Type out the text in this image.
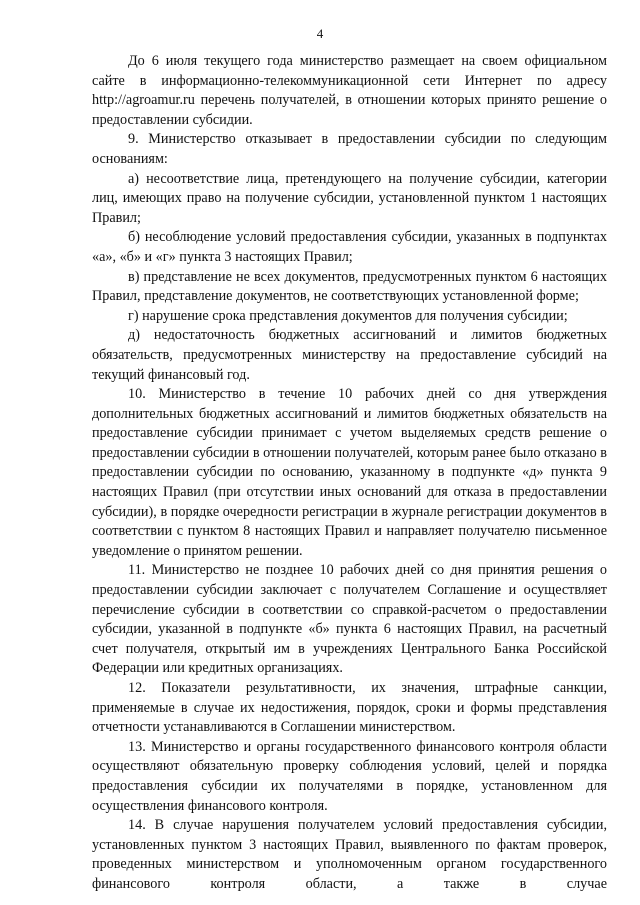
4

До 6 июля текущего года министерство размещает на своем официальном сайте в информационно-телекоммуникационной сети Интернет по адресу http://agroamur.ru перечень получателей, в отношении которых принято решение о предоставлении субсидии.

9. Министерство отказывает в предоставлении субсидии по следующим основаниям:

а) несоответствие лица, претендующего на получение субсидии, категории лиц, имеющих право на получение субсидии, установленной пунктом 1 настоящих Правил;

б) несоблюдение условий предоставления субсидии, указанных в подпунктах «а», «б» и «г» пункта 3 настоящих Правил;

в) представление не всех документов, предусмотренных пунктом 6 настоящих Правил, представление документов, не соответствующих установленной форме;

г) нарушение срока представления документов для получения субсидии;

д) недостаточность бюджетных ассигнований и лимитов бюджетных обязательств, предусмотренных министерству на предоставление субсидий на текущий финансовый год.

10. Министерство в течение 10 рабочих дней со дня утверждения дополнительных бюджетных ассигнований и лимитов бюджетных обязательств на предоставление субсидии принимает с учетом выделяемых средств решение о предоставлении субсидии в отношении получателей, которым ранее было отказано в предоставлении субсидии по основанию, указанному в подпункте «д» пункта 9 настоящих Правил (при отсутствии иных оснований для отказа в предоставлении субсидии), в порядке очередности регистрации в журнале регистрации документов в соответствии с пунктом 8 настоящих Правил и направляет получателю письменное уведомление о принятом решении.

11. Министерство не позднее 10 рабочих дней со дня принятия решения о предоставлении субсидии заключает с получателем Соглашение и осуществляет перечисление субсидии в соответствии со справкой-расчетом о предоставлении субсидии, указанной в подпункте «б» пункта 6 настоящих Правил, на расчетный счет получателя, открытый им в учреждениях Центрального Банка Российской Федерации или кредитных организациях.

12. Показатели результативности, их значения, штрафные санкции, применяемые в случае их недостижения, порядок, сроки и формы представления отчетности устанавливаются в Соглашении министерством.

13. Министерство и органы государственного финансового контроля области осуществляют обязательную проверку соблюдения условий, целей и порядка предоставления субсидии их получателями в порядке, установленном для осуществления финансового контроля.

14. В случае нарушения получателем условий предоставления субсидии, установленных пунктом 3 настоящих Правил, выявленного по фактам проверок, проведенных министерством и уполномоченным органом государственного финансового контроля области, а также в случае
